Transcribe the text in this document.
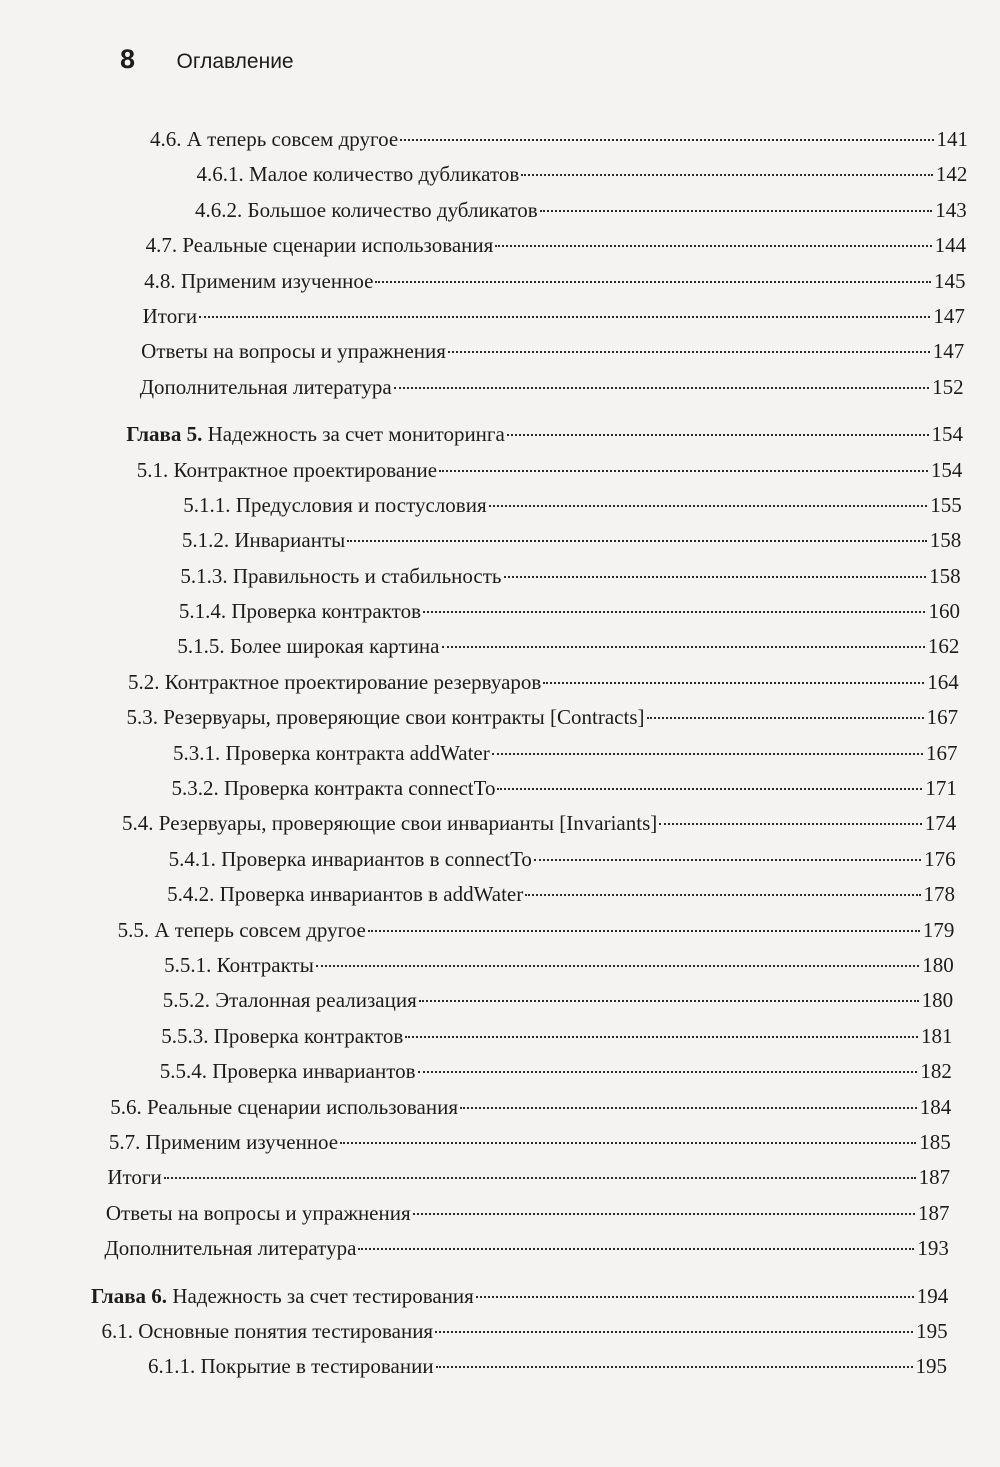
8 Оглавление
4.6. А теперь совсем другое	141
4.6.1. Малое количество дубликатов	142
4.6.2. Большое количество дубликатов	143
4.7. Реальные сценарии использования	144
4.8. Применим изученное	145
Итоги	147
Ответы на вопросы и упражнения	147
Дополнительная литература	152
Глава 5. Надежность за счет мониторинга	154
5.1. Контрактное проектирование	154
5.1.1. Предусловия и постусловия	155
5.1.2. Инварианты	158
5.1.3. Правильность и стабильность	158
5.1.4. Проверка контрактов	160
5.1.5. Более широкая картина	162
5.2. Контрактное проектирование резервуаров	164
5.3. Резервуары, проверяющие свои контракты [Contracts]	167
5.3.1. Проверка контракта addWater	167
5.3.2. Проверка контракта connectTo	171
5.4. Резервуары, проверяющие свои инварианты [Invariants]	174
5.4.1. Проверка инвариантов в connectTo	176
5.4.2. Проверка инвариантов в addWater	178
5.5. А теперь совсем другое	179
5.5.1. Контракты	180
5.5.2. Эталонная реализация	180
5.5.3. Проверка контрактов	181
5.5.4. Проверка инвариантов	182
5.6. Реальные сценарии использования	184
5.7. Применим изученное	185
Итоги	187
Ответы на вопросы и упражнения	187
Дополнительная литература	193
Глава 6. Надежность за счет тестирования	194
6.1. Основные понятия тестирования	195
6.1.1. Покрытие в тестировании	195
